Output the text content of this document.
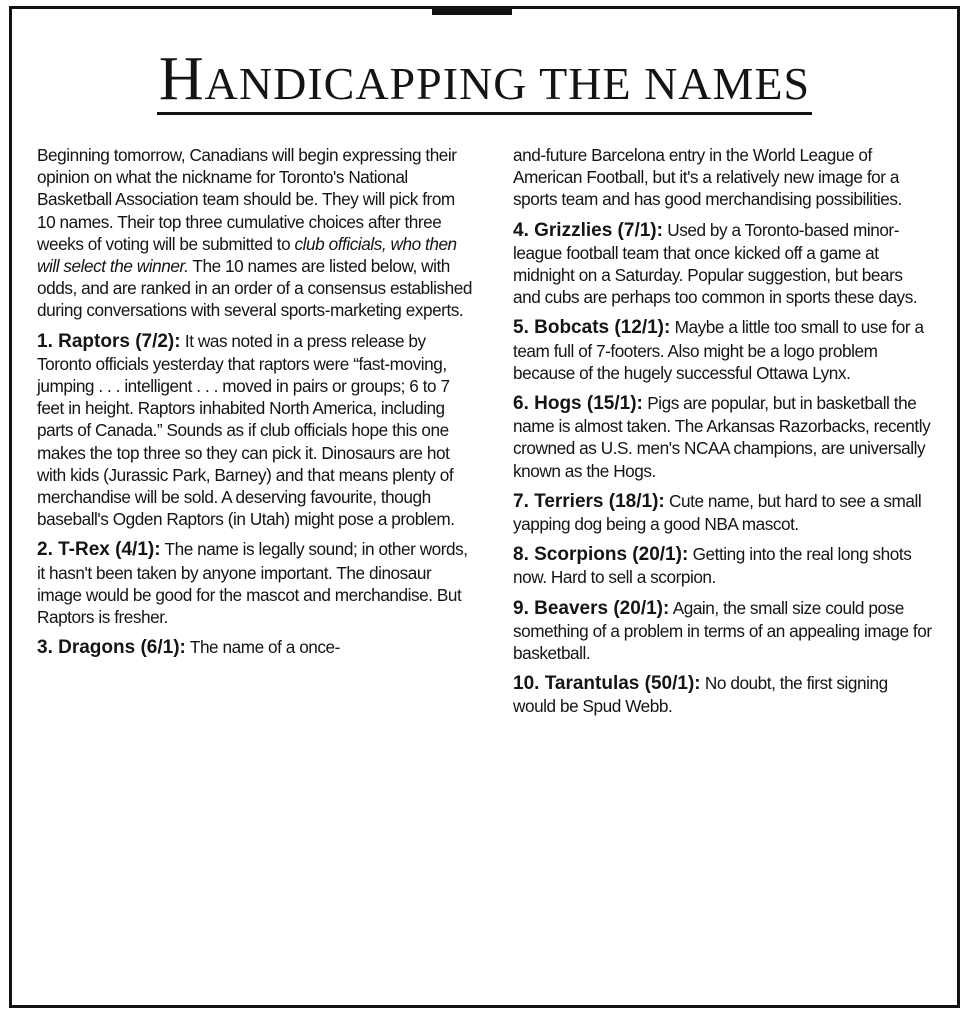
HANDICAPPING THE NAMES

Beginning tomorrow, Canadians will begin expressing their opinion on what the nickname for Toronto's National Basketball Association team should be. They will pick from 10 names. Their top three cumulative choices after three weeks of voting will be submitted to club officials, who then will select the winner. The 10 names are listed below, with odds, and are ranked in an order of a consensus established during conversations with several sports-marketing experts.

1. Raptors (7/2): It was noted in a press release by Toronto officials yesterday that raptors were “fast-moving, jumping . . . intelligent . . . moved in pairs or groups; 6 to 7 feet in height. Raptors inhabited North America, including parts of Canada.” Sounds as if club officials hope this one makes the top three so they can pick it. Dinosaurs are hot with kids (Jurassic Park, Barney) and that means plenty of merchandise will be sold. A deserving favourite, though baseball's Ogden Raptors (in Utah) might pose a problem.

2. T-Rex (4/1): The name is legally sound; in other words, it hasn't been taken by anyone important. The dinosaur image would be good for the mascot and merchandise. But Raptors is fresher.

3. Dragons (6/1): The name of a once-

and-future Barcelona entry in the World League of American Football, but it's a relatively new image for a sports team and has good merchandising possibilities.

4. Grizzlies (7/1): Used by a Toronto-based minor-league football team that once kicked off a game at midnight on a Saturday. Popular suggestion, but bears and cubs are perhaps too common in sports these days.

5. Bobcats (12/1): Maybe a little too small to use for a team full of 7-footers. Also might be a logo problem because of the hugely successful Ottawa Lynx.

6. Hogs (15/1): Pigs are popular, but in basketball the name is almost taken. The Arkansas Razorbacks, recently crowned as U.S. men's NCAA champions, are universally known as the Hogs.

7. Terriers (18/1): Cute name, but hard to see a small yapping dog being a good NBA mascot.

8. Scorpions (20/1): Getting into the real long shots now. Hard to sell a scorpion.

9. Beavers (20/1): Again, the small size could pose something of a problem in terms of an appealing image for basketball.

10. Tarantulas (50/1): No doubt, the first signing would be Spud Webb.
